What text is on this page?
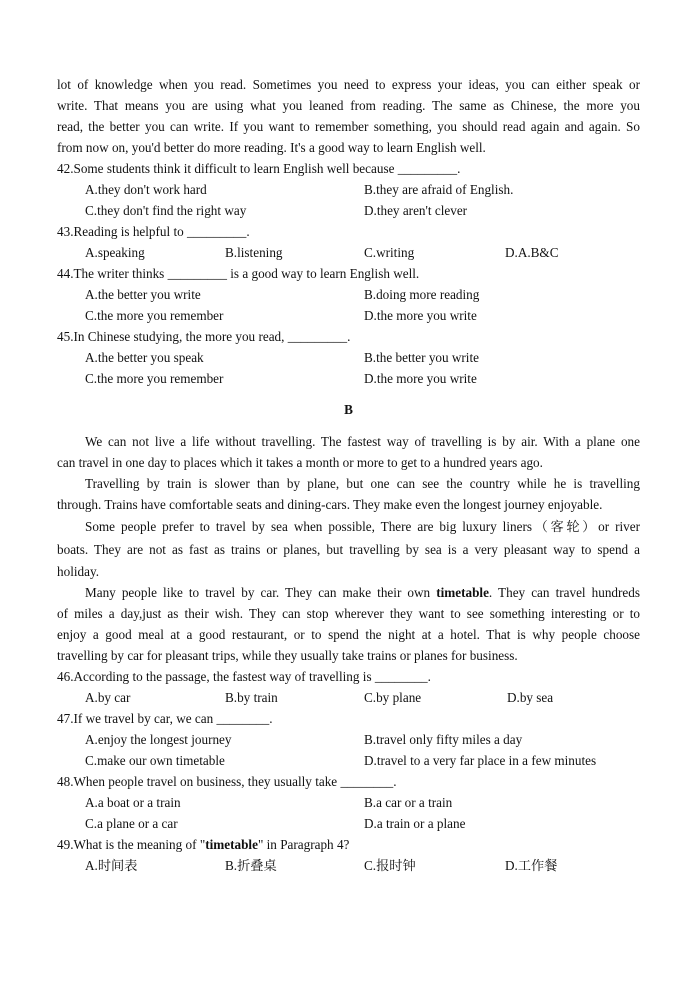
lot of knowledge when you read. Sometimes you need to express your ideas, you can either speak or
write. That means you are using what you leaned from reading. The same as Chinese, the more you
read, the better you can write. If you want to remember something, you should read again and again. So
from now on, you'd better do more reading. It's a good way to learn English well.
42.Some students think it difficult to learn English well because _________.
A.they don't work hard	B.they are afraid of English.
C.they don't find the right way	D.they aren't clever
43.Reading is helpful to _________.
A.speaking	B.listening	C.writing	D.A.B&C
44.The writer thinks _________ is a good way to learn English well.
A.the better you write	B.doing more reading
C.the more you remember	D.the more you write
45.In Chinese studying, the more you read, _________.
A.the better you speak	B.the better you write
C.the more you remember	D.the more you write
B
We can not live a life without travelling. The fastest way of travelling is by air. With a plane one
can travel in one day to places which it takes a month or more to get to a hundred years ago.
Travelling by train is slower than by plane, but one can see the country while he is travelling
through. Trains have comfortable seats and dining-cars. They make even the longest journey enjoyable.
Some people prefer to travel by sea when possible, There are big luxury liners（客轮）or river
boats. They are not as fast as trains or planes, but travelling by sea is a very pleasant way to spend a
holiday.
Many people like to travel by car. They can make their own timetable. They can travel hundreds
of miles a day,just as their wish. They can stop wherever they want to see something interesting or to
enjoy a good meal at a good restaurant, or to spend the night at a hotel. That is why people choose
travelling by car for pleasant trips, while they usually take trains or planes for business.
46.According to the passage, the fastest way of travelling is ________.
A.by car	B.by train	C.by plane	D.by sea
47.If we travel by car, we can ________.
A.enjoy the longest journey	B.travel only fifty miles a day
C.make our own timetable	D.travel to a very far place in a few minutes
48.When people travel on business, they usually take ________.
A.a boat or a train	B.a car or a train
C.a plane or a car	D.a train or a plane
49.What is the meaning of "timetable" in Paragraph 4?
A.时间表	B.折叠桌	C.报时钟	D.工作餐
